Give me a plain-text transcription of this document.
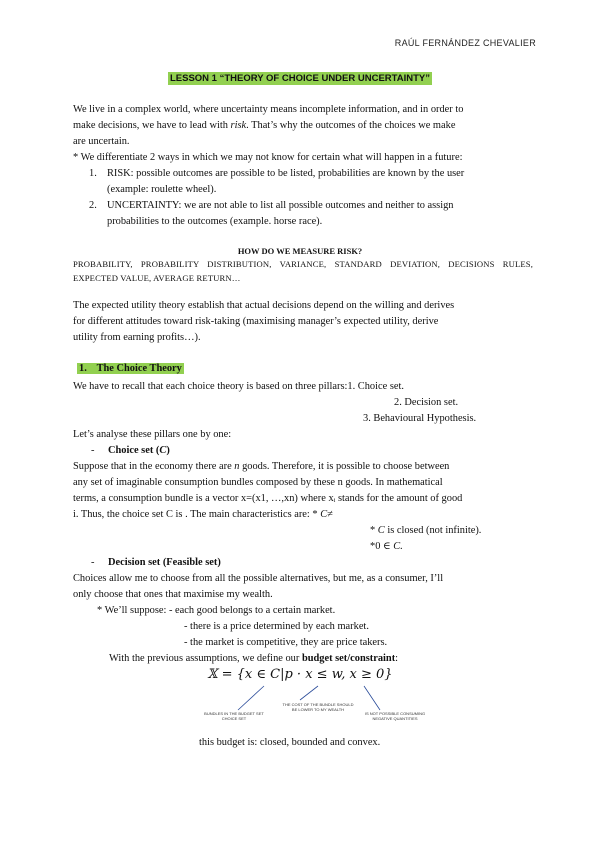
RAÚL FERNÁNDEZ CHEVALIER
LESSON 1 “THEORY OF CHOICE UNDER UNCERTAINTY”
We live in a complex world, where uncertainty means incomplete information, and in order to
make decisions, we have to lead with risk. That’s why the outcomes of the choices we make
are uncertain.
* We differentiate 2 ways in which we may not know for certain what will happen in a future:
1. RISK: possible outcomes are possible to be listed, probabilities are known by the user
(example: roulette wheel).
2. UNCERTAINTY: we are not able to list all possible outcomes and neither to assign
probabilities to the outcomes (example. horse race).
HOW DO WE MEASURE RISK?
PROBABILITY, PROBABILITY DISTRIBUTION, VARIANCE, STANDARD DEVIATION, DECISIONS RULES, EXPECTED VALUE, AVERAGE RETURN…
The expected utility theory establish that actual decisions depend on the willing and derives
for different attitudes toward risk-taking (maximising manager’s expected utility, derive
utility from earning profits…).
1. The Choice Theory
We have to recall that each choice theory is based on three pillars:1. Choice set.
2. Decision set.
3. Behavioural Hypothesis.
Let’s analyse these pillars one by one:
- Choice set (C)
Suppose that in the economy there are n goods. Therefore, it is possible to choose between
any set of imaginable consumption bundles composed by these n goods. In mathematical
terms, a consumption bundle is a vector x=(x1, …,xn) where xᵢ stands for the amount of good
i. Thus, the choice set C is . The main characteristics are: * C≠
* C is closed (not infinite).
*0 ∈ C.
- Decision set (Feasible set)
Choices allow me to choose from all the possible alternatives, but me, as a consumer, I’ll
only choose that ones that maximise my wealth.
* We’ll suppose: - each good belongs to a certain market.
- there is a price determined by each market.
- the market is competitive, they are price takers.
With the previous assumptions, we define our budget set/constraint:
𝕏 = {x ∈ C|p · x ≤ w, x ≥ 0}
BUNDLES IN THE BUDGET SET CHOICE SET
THE COST OF THE BUNDLE SHOULD BE LOWER TO MY WEALTH
IS NOT POSSIBLE CONSUMING NEGATIVE QUANTITIES
this budget is: closed, bounded and convex.
